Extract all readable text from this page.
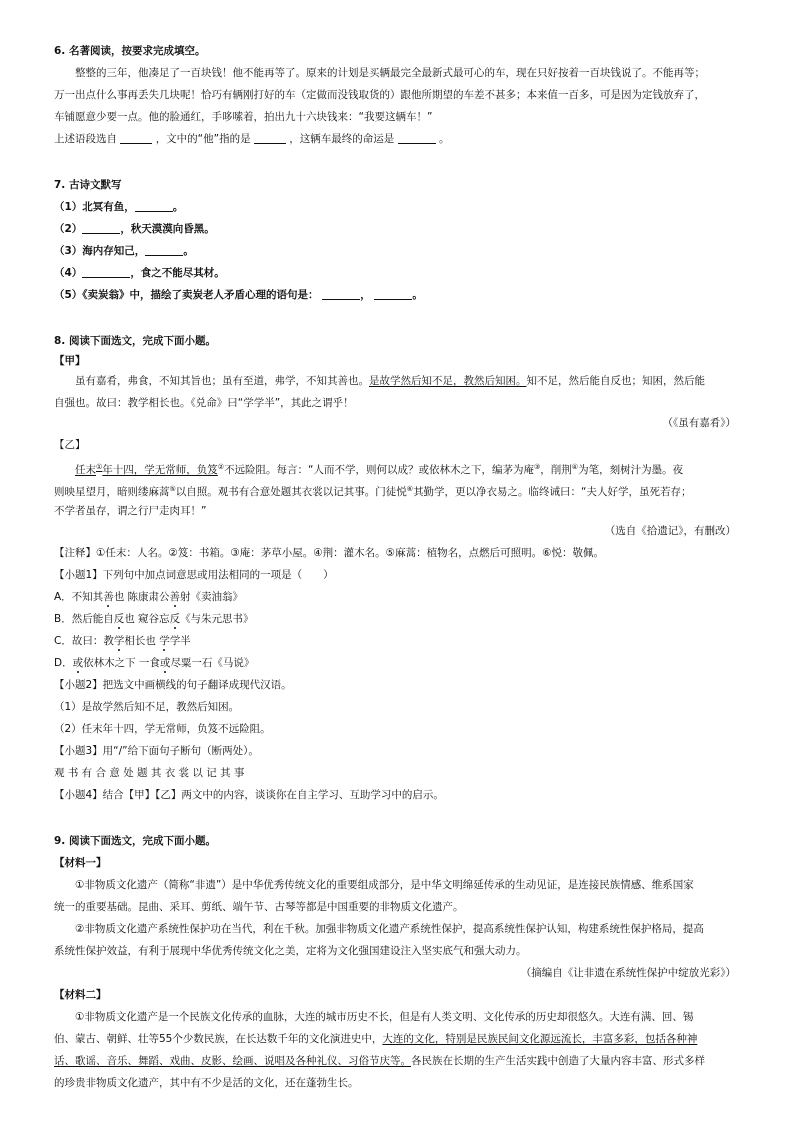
6. 名著阅读，按要求完成填空。
整整的三年，他凑足了一百块钱！他不能再等了。原来的计划是买辆最完全最新式最可心的车，现在只好按着一百块钱说了。不能再等；
万一出点什么事再丢失几块呢！恰巧有辆刚打好的车（定做而没钱取货的）跟他所期望的车差不甚多；本来值一百多，可是因为定钱放弃了，
车铺愿意少要一点。他的脸通红，手哆嗦着，拍出九十六块钱来：“我要这辆车！”
上述语段选自	，文中的“他”指的是	，这辆车最终的命运是	。
7. 古诗文默写
（1）北冥有鱼，	。
（2）	，秋天漠漠向昏黑。
（3）海内存知己，	。
（4）	，食之不能尽其材。
（5）《卖炭翁》中，描绘了卖炭老人矛盾心理的语句是：	，	。
8. 阅读下面选文，完成下面小题。
【甲】
虽有嘉肴，弗食，不知其旨也；虽有至道，弗学，不知其善也。是故学然后知不足，教然后知困。知不足，然后能自反也；知困，然后能
自强也。故曰：教学相长也。《兑命》曰“学学半”，其此之谓乎！
（《虽有嘉肴》）
【乙】
任末①年十四，学无常师，负笈②不远险阻。每言：“人而不学，则何以成？或依林木之下，编茅为庵③，削荆④为笔，刻树汁为墨。夜
则映星望月，暗则缕麻蒿⑤以自照。观书有合意处题其衣裳以记其事。门徒悦⑥其勤学，更以净衣易之。临终诫曰：“夫人好学，虽死若存；
不学者虽存，谓之行尸走肉耳！”
（选自《拾遗记》，有删改）
【注释】①任末：人名。②笈：书箱。③庵：茅草小屋。④荆：灌木名。⑤麻蒿：植物名，点燃后可照明。⑥悦：敬佩。
【小题1】下列句中加点词意思或用法相同的一项是（　　）
A．不知其善也 陈康肃公善射《卖油翁》
B．然后能自反也 窥谷忘反《与朱元思书》
C．故曰：教学相长也 学学半
D．或依林木之下 一食或尽粟一石《马说》
【小题2】把选文中画横线的句子翻译成现代汉语。
（1）是故学然后知不足，教然后知困。
（2）任末年十四，学无常师，负笈不远险阻。
【小题3】用“/”给下面句子断句（断两处）。
观 书 有 合 意 处 题 其 衣 裳 以 记 其 事
【小题4】结合【甲】【乙】两文中的内容，谈谈你在自主学习、互助学习中的启示。
9. 阅读下面选文，完成下面小题。
【材料一】
①非物质文化遗产（简称“非遗”）是中华优秀传统文化的重要组成部分，是中华文明绵延传承的生动见证，是连接民族情感、维系国家
统一的重要基础。昆曲、采耳、剪纸、端午节、古琴等都是中国重要的非物质文化遗产。
②非物质文化遗产系统性保护功在当代，利在千秋。加强非物质文化遗产系统性保护，提高系统性保护认知，构建系统性保护格局，提高
系统性保护效益，有利于展现中华优秀传统文化之美，定将为文化强国建设注入坚实底气和强大动力。
（摘编自《让非遗在系统性保护中绽放光彩》）
【材料二】
①非物质文化遗产是一个民族文化传承的血脉，大连的城市历史不长，但是有人类文明、文化传承的历史却很悠久。大连有满、回、锡
伯、蒙古、朝鲜、壮等55个少数民族，在长达数千年的文化演进史中，大连的文化，特别是民族民间文化源远流长，丰富多彩，包括各种神
话、歌谣、音乐、舞蹈、戏曲、皮影、绘画、说唱及各种礼仪、习俗节庆等。各民族在长期的生产生活实践中创造了大量内容丰富、形式多样
的珍贵非物质文化遗产，其中有不少是活的文化，还在蓬勃生长。
